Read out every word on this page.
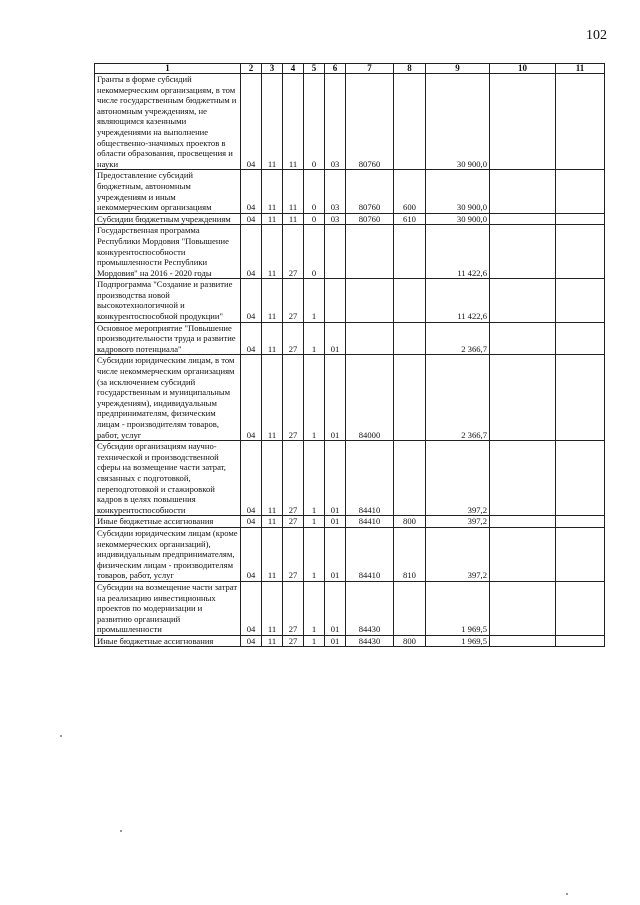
102
1	2	3	4	5	6	7	8	9	10	11
Гранты в форме субсидий некоммерческим организациям, в том числе государственным бюджетным и автономным учреждениям, не являющимся казенными учреждениями на выполнение общественно-значимых проектов в области образования, просвещения и науки	04	11	11	0	03	80760		30 900,0		
Предоставление субсидий бюджетным, автономным учреждениям и иным некоммерческим организациям	04	11	11	0	03	80760	600	30 900,0		
Субсидии бюджетным учреждениям	04	11	11	0	03	80760	610	30 900,0		
Государственная программа Республики Мордовия "Повышение конкурентоспособности промышленности Республики Мордовия" на 2016 - 2020 годы	04	11	27	0				11 422,6		
Подпрограмма "Создание и развитие производства новой высокотехнологичной и конкурентоспособной продукции"	04	11	27	1				11 422,6		
Основное мероприятие "Повышение производительности труда и развитие кадрового потенциала"	04	11	27	1	01			2 366,7		
Субсидии юридическим лицам, в том числе некоммерческим организациям (за исключением субсидий государственным и муниципальным учреждениям), индивидуальным предпринимателям, физическим лицам - производителям товаров, работ, услуг	04	11	27	1	01	84000		2 366,7		
Субсидии организациям научно-технической и производственной сферы на возмещение части затрат, связанных с подготовкой, переподготовкой и стажировкой кадров в целях повышения конкурентоспособности	04	11	27	1	01	84410		397,2		
Иные бюджетные ассигнования	04	11	27	1	01	84410	800	397,2		
Субсидии юридическим лицам (кроме некоммерческих организаций), индивидуальным предпринимателям, физическим лицам - производителям товаров, работ, услуг	04	11	27	1	01	84410	810	397,2		
Субсидии на возмещение части затрат на реализацию инвестиционных проектов по модернизации и развитию организаций промышленности	04	11	27	1	01	84430		1 969,5		
Иные бюджетные ассигнования	04	11	27	1	01	84430	800	1 969,5		
